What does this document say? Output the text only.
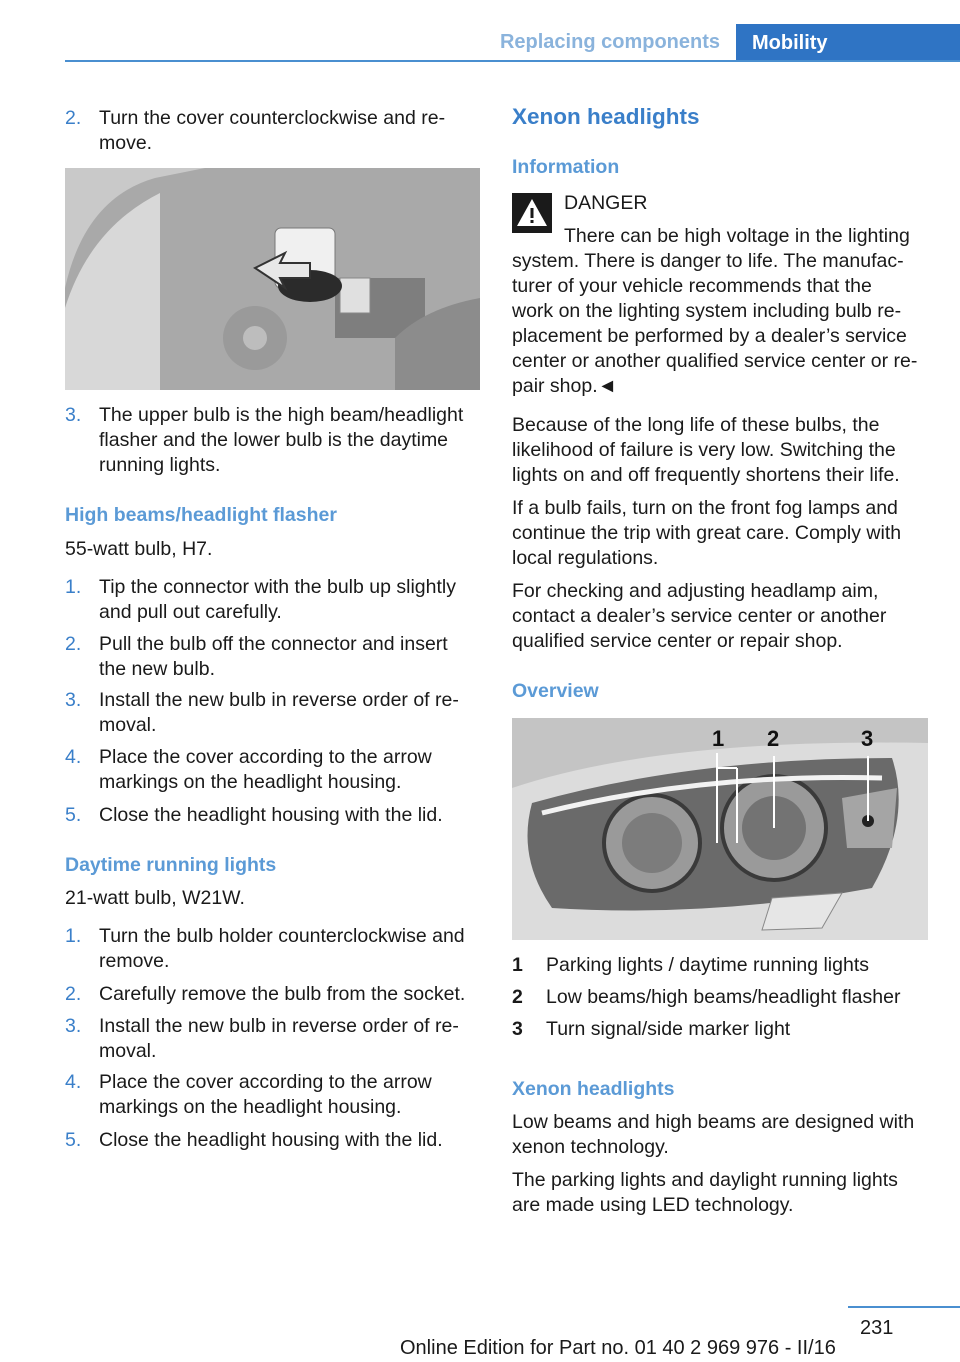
Replacing components Mobility
2. Turn the cover counterclockwise and re-
move.
3. The upper bulb is the high beam/headlight
flasher and the lower bulb is the daytime
running lights.
High beams/headlight flasher
55‑watt bulb, H7.
1. Tip the connector with the bulb up slightly
and pull out carefully.
2. Pull the bulb off the connector and insert
the new bulb.
3. Install the new bulb in reverse order of re-
moval.
4. Place the cover according to the arrow
markings on the headlight housing.
5. Close the headlight housing with the lid.
Daytime running lights
21‑watt bulb, W21W.
1. Turn the bulb holder counterclockwise and
remove.
2. Carefully remove the bulb from the socket.
3. Install the new bulb in reverse order of re-
moval.
4. Place the cover according to the arrow
markings on the headlight housing.
5. Close the headlight housing with the lid.
Xenon headlights
Information
DANGER
There can be high voltage in the lighting
system. There is danger to life. The manufac-
turer of your vehicle recommends that the
work on the lighting system including bulb re-
placement be performed by a dealer’s service
center or another qualified service center or re-
pair shop.◄
Because of the long life of these bulbs, the
likelihood of failure is very low. Switching the
lights on and off frequently shortens their life.
If a bulb fails, turn on the front fog lamps and
continue the trip with great care. Comply with
local regulations.
For checking and adjusting headlamp aim,
contact a dealer’s service center or another
qualified service center or repair shop.
Overview
1 2	3
1 Parking lights / daytime running lights
2 Low beams/high beams/headlight flasher
3 Turn signal/side marker light
Xenon headlights
Low beams and high beams are designed with
xenon technology.
The parking lights and daylight running lights
are made using LED technology.
231
Online Edition for Part no. 01 40 2 969 976 - II/16
